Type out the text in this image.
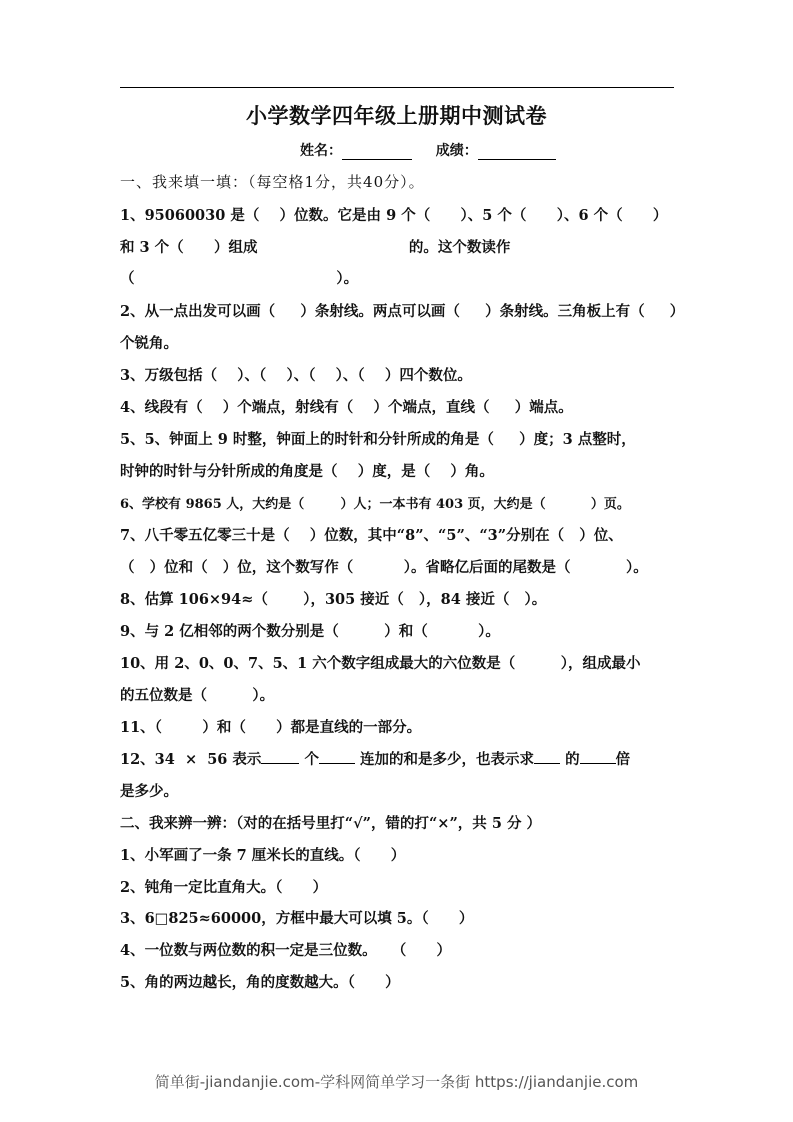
小学数学四年级上册期中测试卷
姓名：	成绩：
一、我来填一填：（每空格1分，共40分）。
1、95060030 是（    ）位数。它是由 9 个（      ）、5 个（      ）、6 个（      ）
和 3 个（      ）组成                              的。这个数读作
（                                        ）。
2、从一点出发可以画（     ）条射线。两点可以画（     ）条射线。三角板上有（     ）
个锐角。
3、万级包括（    ）、（    ）、（    ）、（    ）四个数位。
4、线段有（    ）个端点，射线有（    ）个端点，直线（     ）端点。
5、5、钟面上 9 时整，钟面上的时针和分针所成的角是（     ）度；3 点整时，
时钟的时针与分针所成的角度是（    ）度，是（    ）角。
6、学校有 9865 人，大约是（        ）人；一本书有 403 页，大约是（          ）页。
7、八千零五亿零三十是（    ）位数，其中“8”、“5”、“3”分别在（   ）位、
（   ）位和（   ）位，这个数写作（          ）。省略亿后面的尾数是（           ）。
8、估算 106×94≈（       ），305 接近（   ），84 接近（   ）。
9、与 2 亿相邻的两个数分别是（         ）和（          ）。
10、用 2、0、0、7、5、1 六个数字组成最大的六位数是（         ），组成最小
的五位数是（         ）。
11、（        ）和（      ）都是直线的一部分。
12、34  ×  56 表示	个 连加的和是多少，也表示求 的 倍
是多少。
二、我来辨一辨：（对的在括号里打“√”，错的打“×”，共 5 分 ）
1、小军画了一条 7 厘米长的直线。（      ）
2、钝角一定比直角大。（      ）
3、6□825≈60000，方框中最大可以填 5。（      ）
4、一位数与两位数的积一定是三位数。   （      ）
5、角的两边越长，角的度数越大。（      ）
简单街-jiandanjie.com-学科网简单学习一条街 https://jiandanjie.com
